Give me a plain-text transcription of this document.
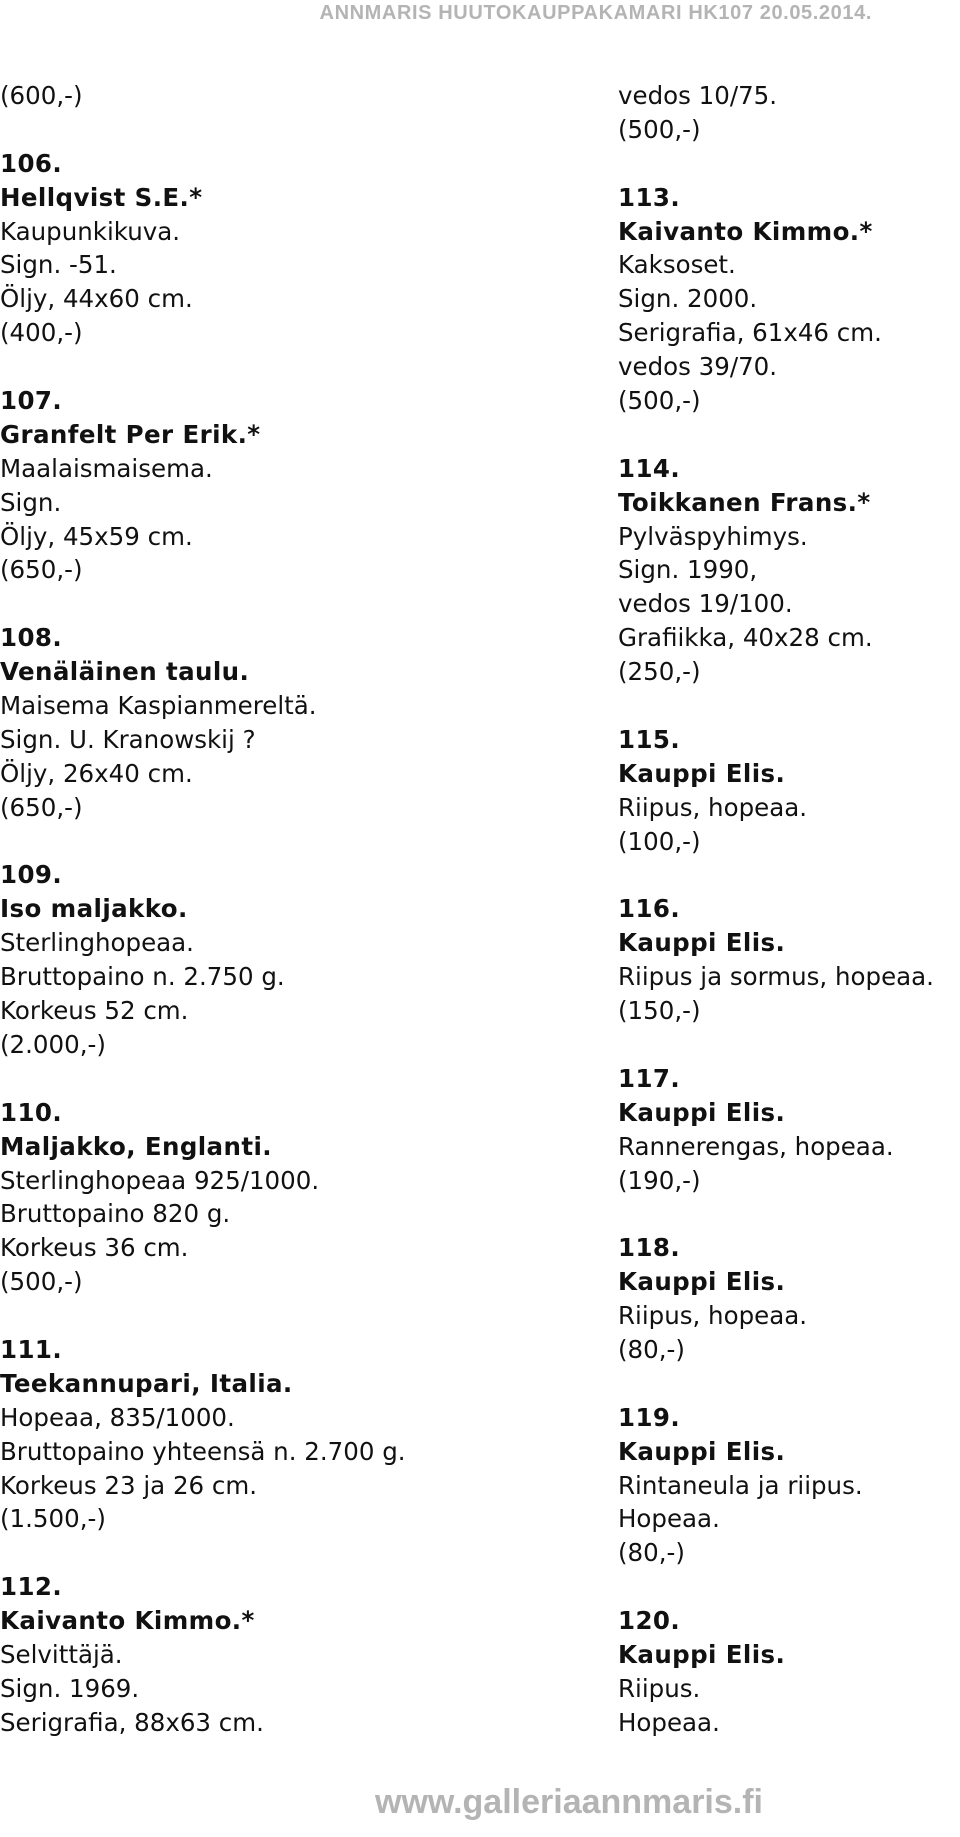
ANNMARIS HUUTOKAUPPAKAMARI HK107 20.05.2014.
(600,-)
106.
Hellqvist S.E.*
Kaupunkikuva.
Sign. -51.
Öljy, 44x60 cm.
(400,-)
107.
Granfelt Per Erik.*
Maalaismaisema.
Sign.
Öljy, 45x59 cm.
(650,-)
108.
Venäläinen taulu.
Maisema Kaspianmereltä.
Sign. U. Kranowskij ?
Öljy, 26x40 cm.
(650,-)
109.
Iso maljakko.
Sterlinghopeaa.
Bruttopaino n. 2.750 g.
Korkeus 52 cm.
(2.000,-)
110.
Maljakko, Englanti.
Sterlinghopeaa 925/1000.
Bruttopaino 820 g.
Korkeus 36 cm.
(500,-)
111.
Teekannupari, Italia.
Hopeaa, 835/1000.
Bruttopaino yhteensä n. 2.700 g.
Korkeus 23 ja 26 cm.
(1.500,-)
112.
Kaivanto Kimmo.*
Selvittäjä.
Sign. 1969.
Serigrafia, 88x63 cm.
vedos 10/75.
(500,-)
113.
Kaivanto Kimmo.*
Kaksoset.
Sign. 2000.
Serigrafia, 61x46 cm.
vedos 39/70.
(500,-)
114.
Toikkanen Frans.*
Pylväspyhimys.
Sign. 1990,
vedos 19/100.
Grafiikka, 40x28 cm.
(250,-)
115.
Kauppi Elis.
Riipus, hopeaa.
(100,-)
116.
Kauppi Elis.
Riipus ja sormus, hopeaa.
(150,-)
117.
Kauppi Elis.
Rannerengas, hopeaa.
(190,-)
118.
Kauppi Elis.
Riipus, hopeaa.
(80,-)
119.
Kauppi Elis.
Rintaneula ja riipus.
Hopeaa.
(80,-)
120.
Kauppi Elis.
Riipus.
Hopeaa.
www.galleriaannmaris.fi
